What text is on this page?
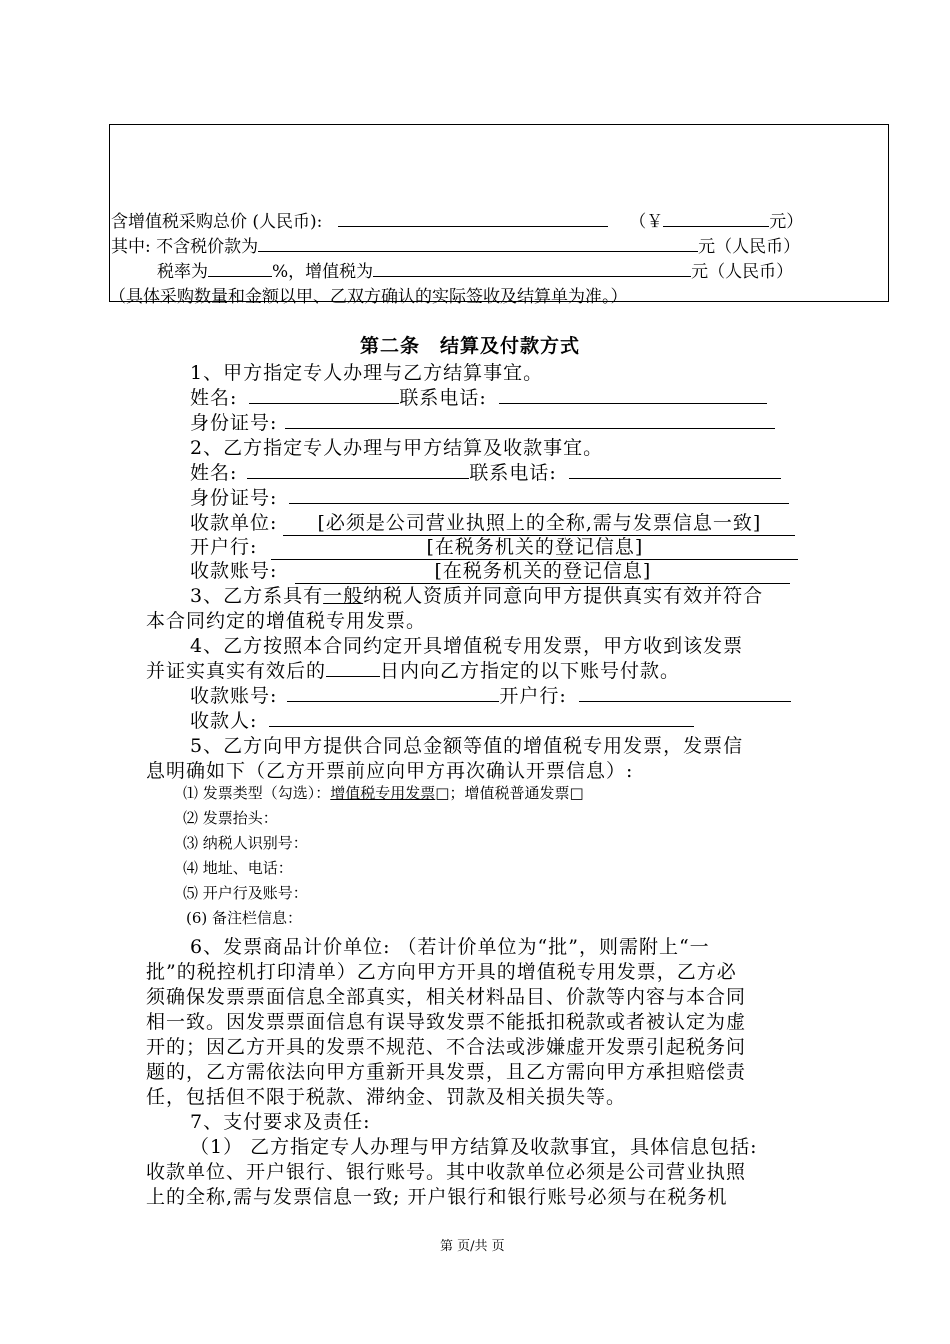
含增值税采购总价 (人民币):	（￥	元）
其中: 不含税价款为	元（人民币）
税率为	%，增值税为	元（人民币）
（具体采购数量和金额以甲、乙双方确认的实际签收及结算单为准。）
第二条　结算及付款方式
1、甲方指定专人办理与乙方结算事宜。
姓名:	联系电话:
身份证号:
2、乙方指定专人办理与甲方结算及收款事宜。
姓名:	联系电话:
身份证号:
收款单位: [必须是公司营业执照上的全称,需与发票信息一致]
开户行:	[在税务机关的登记信息]
收款账号:	[在税务机关的登记信息]
3、乙方系具有一般纳税人资质并同意向甲方提供真实有效并符合
本合同约定的增值税专用发票。
4、乙方按照本合同约定开具增值税专用发票，甲方收到该发票
并证实真实有效后的	日内向乙方指定的以下账号付款。
收款账号:	开户行:
收款人:
5、乙方向甲方提供合同总金额等值的增值税专用发票，发票信
息明确如下（乙方开票前应向甲方再次确认开票信息）:
⑴ 发票类型（勾选）：增值税专用发票□；增值税普通发票□
⑵ 发票抬头：
⑶ 纳税人识别号：
⑷ 地址、电话：
⑸ 开户行及账号：
(6) 备注栏信息：
6、发票商品计价单位: （若计价单位为“批”，则需附上“一
批”的税控机打印清单）乙方向甲方开具的增值税专用发票，乙方必
须确保发票票面信息全部真实，相关材料品目、价款等内容与本合同
相一致。因发票票面信息有误导致发票不能抵扣税款或者被认定为虚
开的；因乙方开具的发票不规范、不合法或涉嫌虚开发票引起税务问
题的，乙方需依法向甲方重新开具发票，且乙方需向甲方承担赔偿责
任，包括但不限于税款、滞纳金、罚款及相关损失等。
7、支付要求及责任:
（1） 乙方指定专人办理与甲方结算及收款事宜，具体信息包括:
收款单位、开户银行、银行账号。其中收款单位必须是公司营业执照
上的全称,需与发票信息一致; 开户银行和银行账号必须与在税务机
第 页/共 页
